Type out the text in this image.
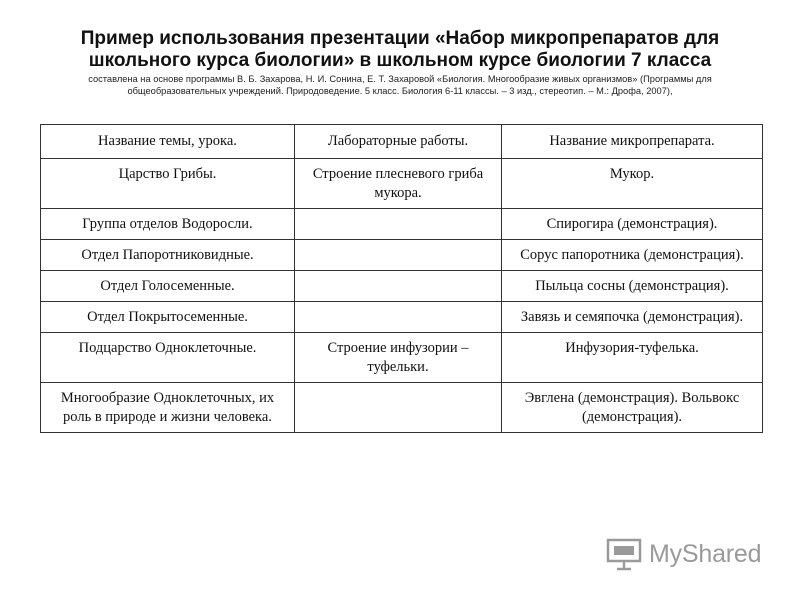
Пример использования презентации «Набор микропрепаратов для школьного курса биологии» в школьном курсе биологии 7 класса
составлена на основе программы В. Б. Захарова, Н. И. Сонина, Е. Т. Захаровой «Биология. Многообразие живых организмов» (Программы для общеобразовательных учреждений. Природоведение. 5 класс. Биология 6-11 классы. – 3 изд., стереотип. – М.: Дрофа, 2007),
Название темы, урока.	Лабораторные работы.	Название микропрепарата.
Царство Грибы.	Строение плесневого гриба мукора.	Мукор.
Группа отделов Водоросли.		Спирогира (демонстрация).
Отдел Папоротниковидные.		Сорус папоротника (демонстрация).
Отдел Голосеменные.		Пыльца сосны (демонстрация).
Отдел Покрытосеменные.		Завязь и семяпочка (демонстрация).
Подцарство Одноклеточные.	Строение инфузории – туфельки.	Инфузория-туфелька.
Многообразие Одноклеточных, их роль в природе и жизни человека.		Эвглена (демонстрация). Вольвокс (демонстрация).
MyShared
